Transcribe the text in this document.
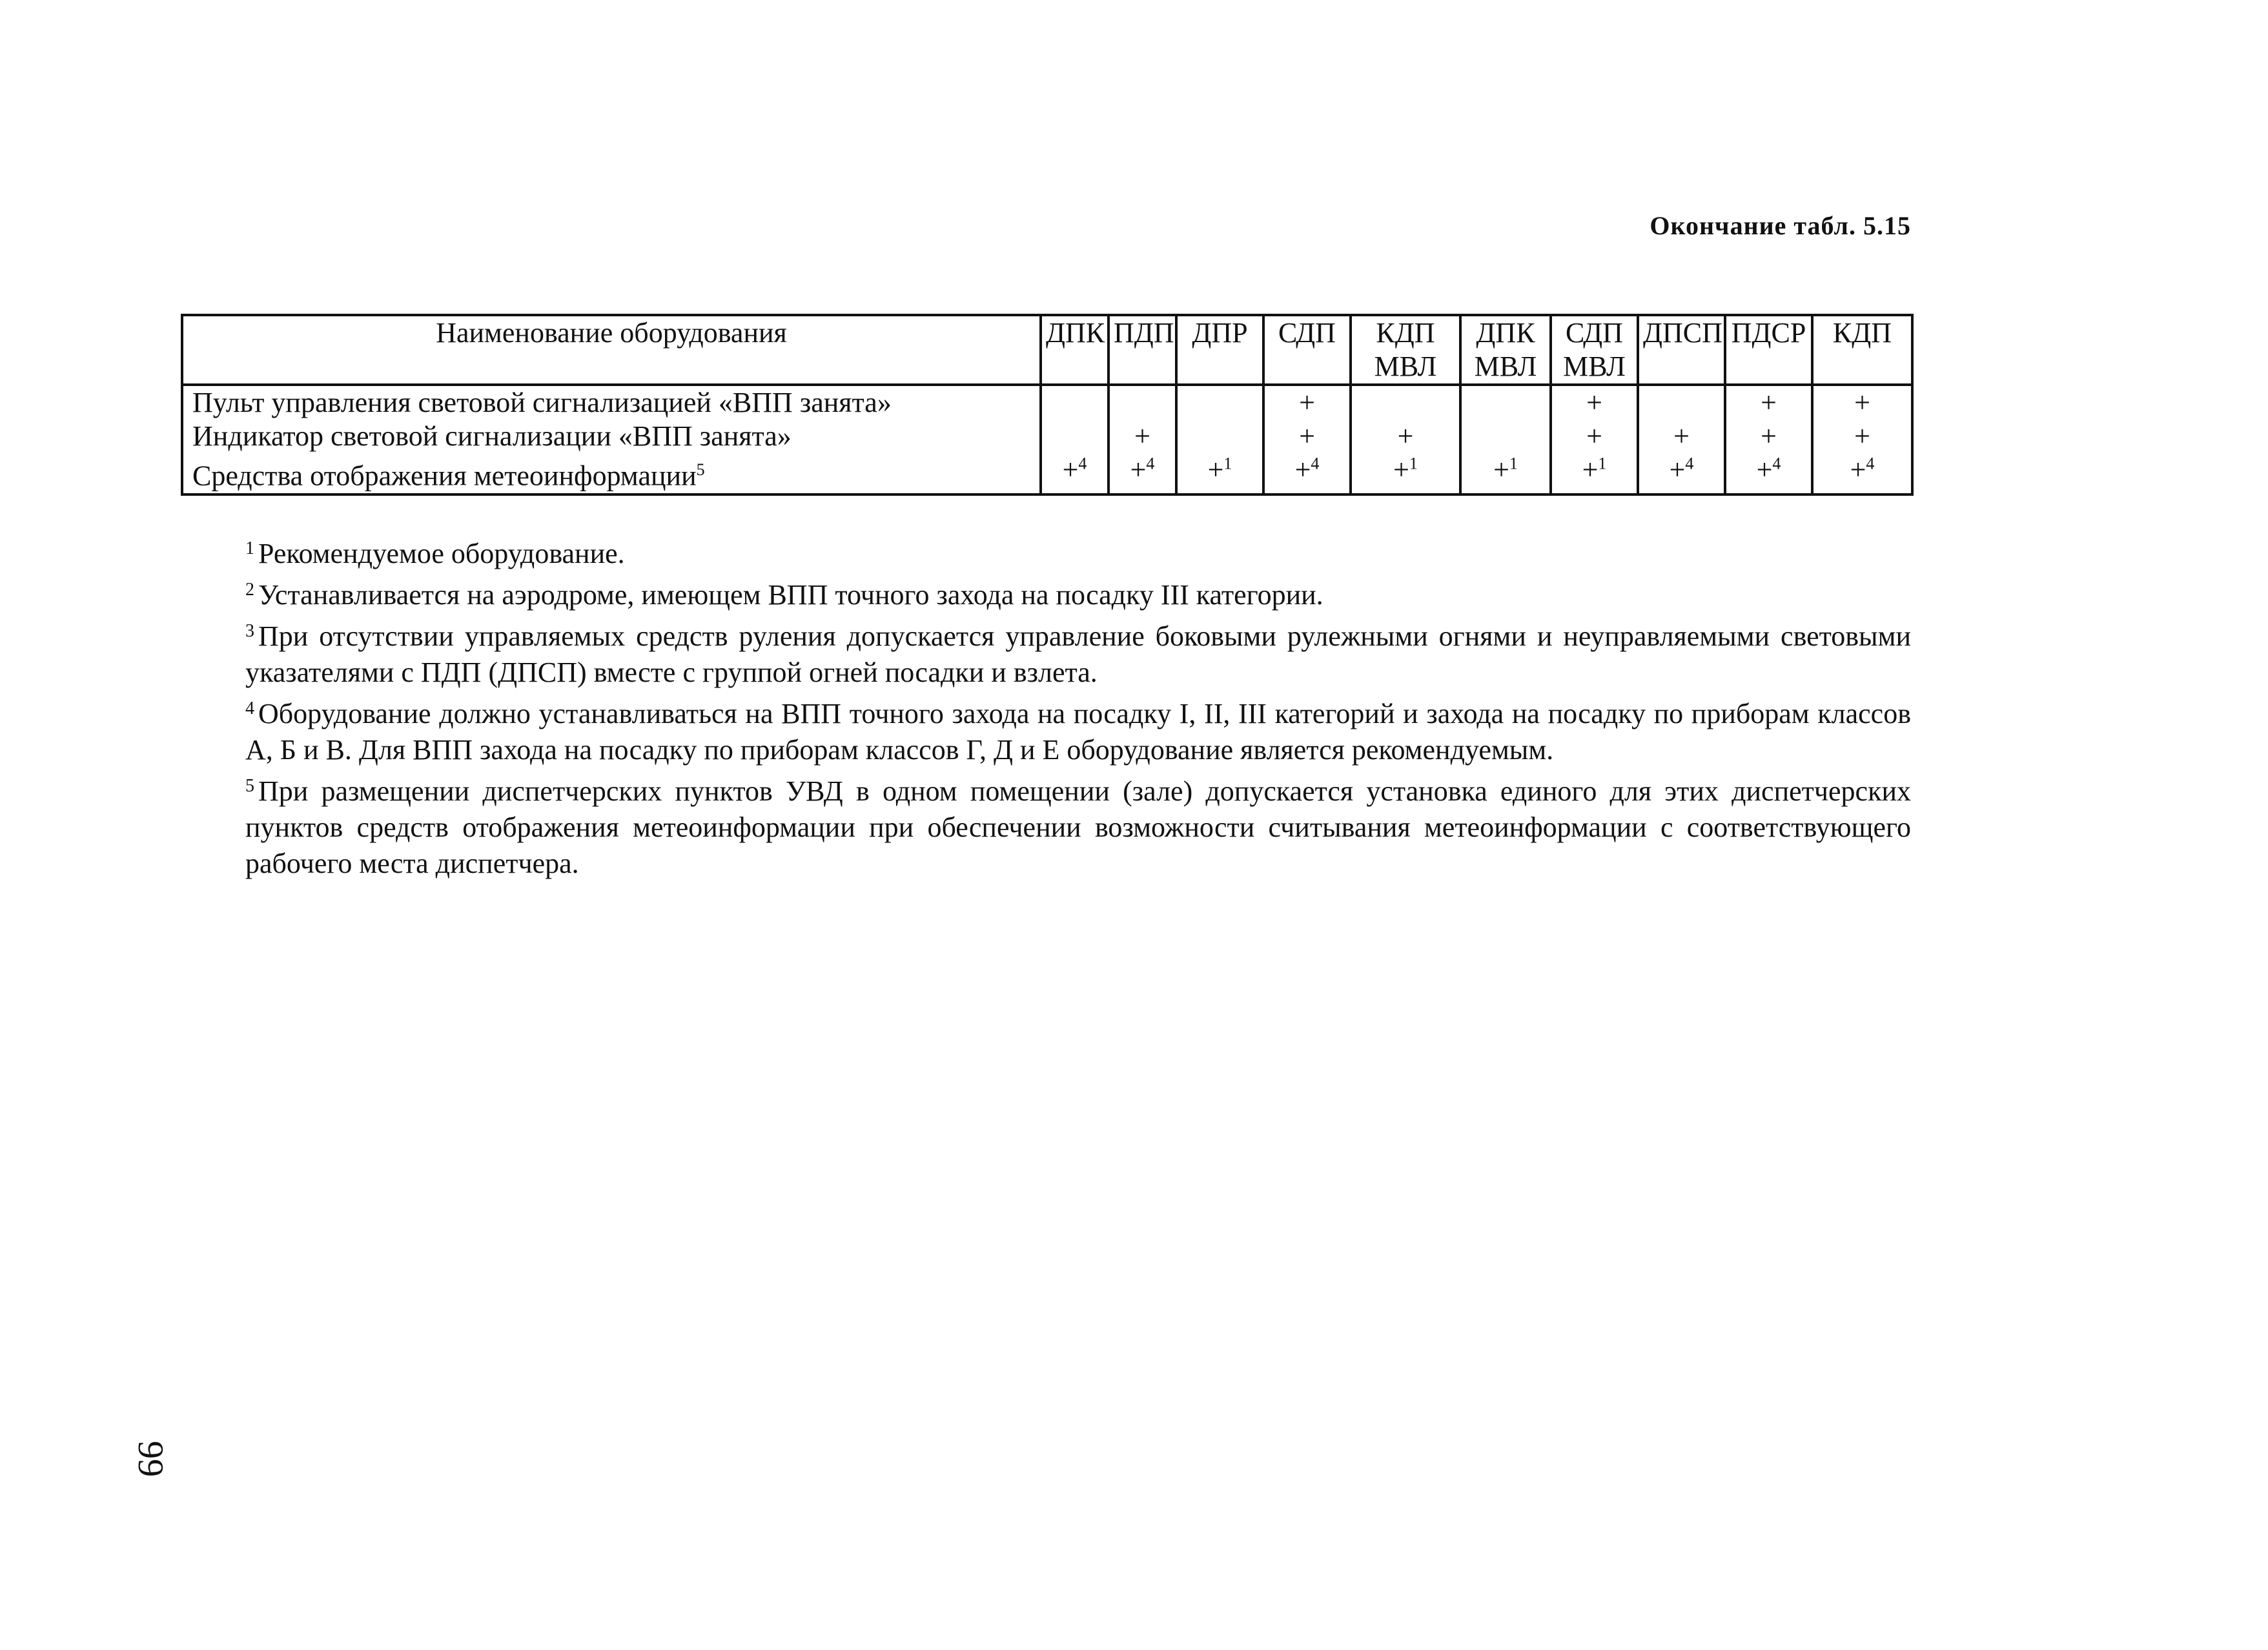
Окончание табл. 5.15
Наименование оборудования	ДПК	ПДП	ДПР	СДП	КДП МВЛ	ДПК МВЛ	СДП МВЛ	ДПСП	ПДСР	КДП
Пульт управления световой сигнализацией «ВПП занята»				+			+		+	+
Индикатор световой сигнализации «ВПП занята»		+		+	+		+	+	+	+
Средства отображения метеоинформации$^5$	+$^4$	+$^4$	+$^1$	+$^4$	+$^1$	+$^1$	+$^1$	+$^4$	+$^4$	+$^4$

$^1$ Рекомендуемое оборудование.

$^2$ Устанавливается на аэродроме, имеющем ВПП точного захода на посадку III категории.

$^3$ При отсутствии управляемых средств руления допускается управление боковыми рулежными огнями и неуправляемыми световыми указателями с ПДП (ДПСП) вместе с группой огней посадки и взлета.

$^4$ Оборудование должно устанавливаться на ВПП точного захода на посадку I, II, III категорий и захода на посадку по приборам классов А, Б и В. Для ВПП захода на посадку по приборам классов Г, Д и Е оборудование является рекомендуемым.

$^5$ При размещении диспетчерских пунктов УВД в одном помещении (зале) допускается установка единого для этих диспетчерских пунктов средств отображения метеоинформации при обеспечении возможности считывания метеоинформации с соответствующего рабочего места диспетчера.

99
